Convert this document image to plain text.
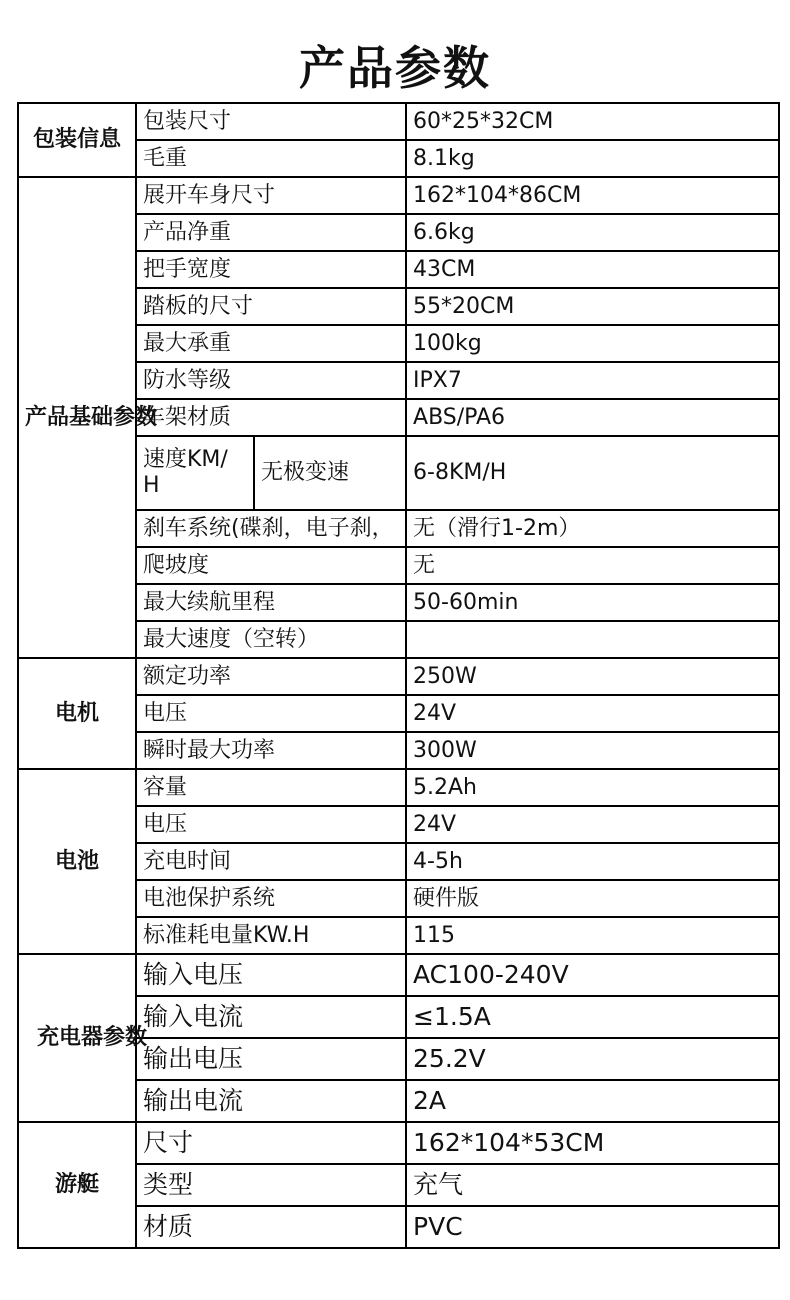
产品参数
包装信息	包装尺寸		60*25*32CM
	毛重		8.1kg
产品基础参数	展开车身尺寸		162*104*86CM
	产品净重		6.6kg
	把手宽度		43CM
	踏板的尺寸		55*20CM
	最大承重		100kg
	防水等级		IPX7
	车架材质		ABS/PA6
	速度KM/H	无极变速	6-8KM/H
	刹车系统(碟刹，电子刹，		无（滑行1-2m）
	爬坡度		无
	最大续航里程		50-60min
	最大速度（空转）		
电机	额定功率		250W
	电压		24V
	瞬时最大功率		300W
电池	容量		5.2Ah
	电压		24V
	充电时间		4-5h
	电池保护系统		硬件版
	标准耗电量KW.H		115
充电器参数	输入电压		AC100-240V
	输入电流		≤1.5A
	输出电压		25.2V
	输出电流		2A
游艇	尺寸		162*104*53CM
	类型		充气
	材质		PVC
